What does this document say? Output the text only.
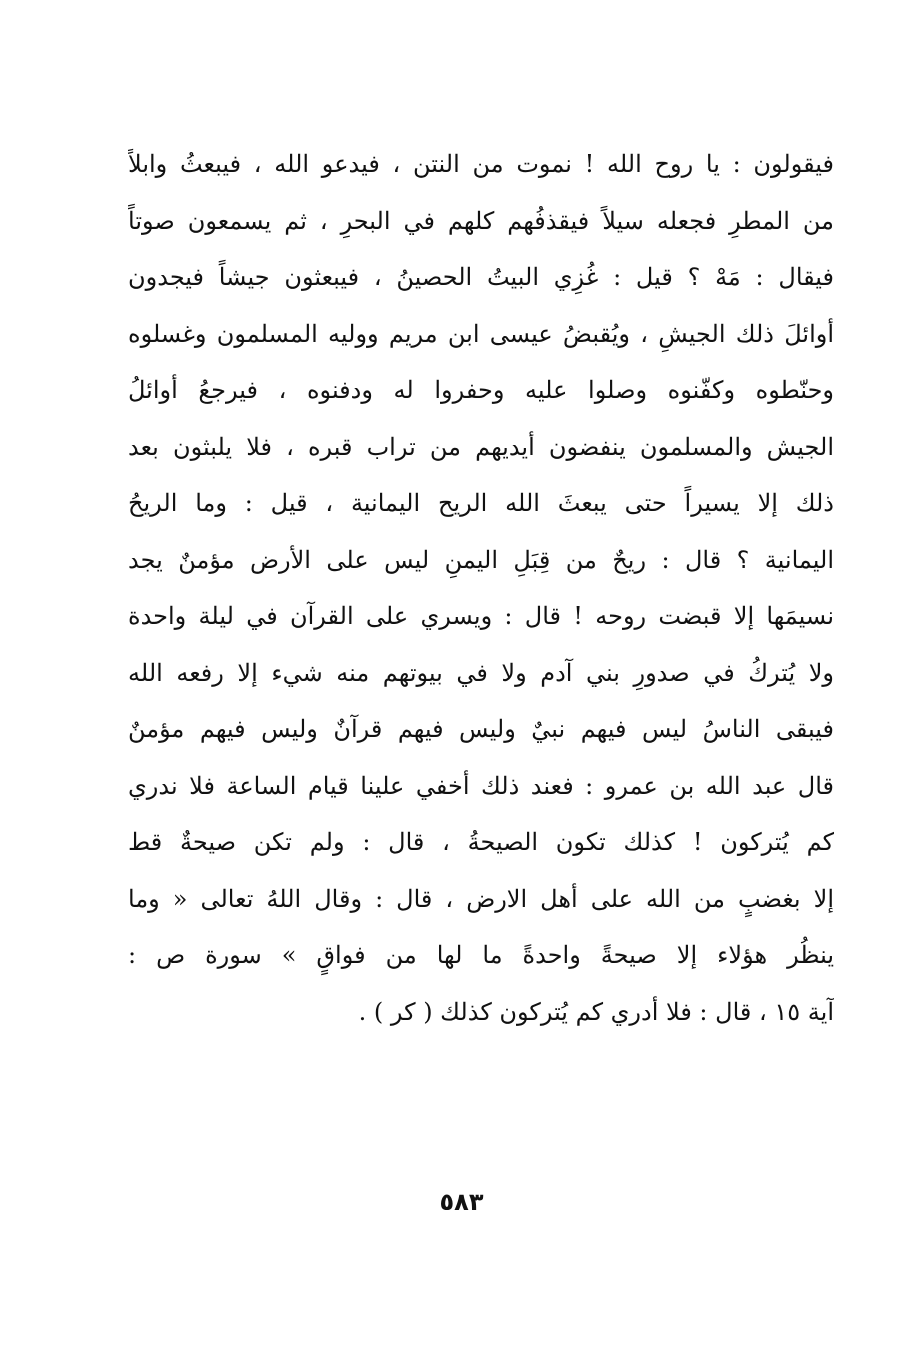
فيقولون : يا روح الله ! نموت من النتن ، فيدعو الله ، فيبعثُ وابلاً
من المطرِ فجعله سيلاً فيقذفُهم كلهم في البحرِ ، ثم يسمعون صوتاً
فيقال : مَهْ ؟ قيل : غُزِي البيتُ الحصينُ ، فيبعثون جيشاً فيجدون
أوائلَ ذلك الجيشِ ، ويُقبضُ عيسى ابن مريم ووليه المسلمون وغسلوه
وحنّطوه وكفّنوه وصلوا عليه وحفروا له ودفنوه ، فيرجعُ أوائلُ
الجيش والمسلمون ينفضون أيديهم من تراب قبره ، فلا يلبثون بعد
ذلك إلا يسيراً حتى يبعثَ الله الريح اليمانية ، قيل : وما الريحُ
اليمانية ؟ قال : ريحٌ من قِبَلِ اليمنِ ليس على الأرض مؤمنٌ يجد
نسيمَها إلا قبضت روحه ! قال : ويسري على القرآن في ليلة واحدة
ولا يُتركُ في صدورِ بني آدم ولا في بيوتهم منه شيء إلا رفعه الله
فيبقى الناسُ ليس فيهم نبيٌ وليس فيهم قرآنٌ وليس فيهم مؤمنٌ
قال عبد الله بن عمرو : فعند ذلك أخفي علينا قيام الساعة فلا ندري
كم يُتركون ! كذلك تكون الصيحةُ ، قال : ولم تكن صيحةٌ قط
إلا بغضبٍ من الله على أهل الارض ، قال : وقال اللهُ تعالى « وما
ينظُر هؤلاء إلا صيحةً واحدةً ما لها من فواقٍ » سورة ص :
آية ١٥ ، قال : فلا أدري كم يُتركون كذلك ( كر ) .
٥٨٣
